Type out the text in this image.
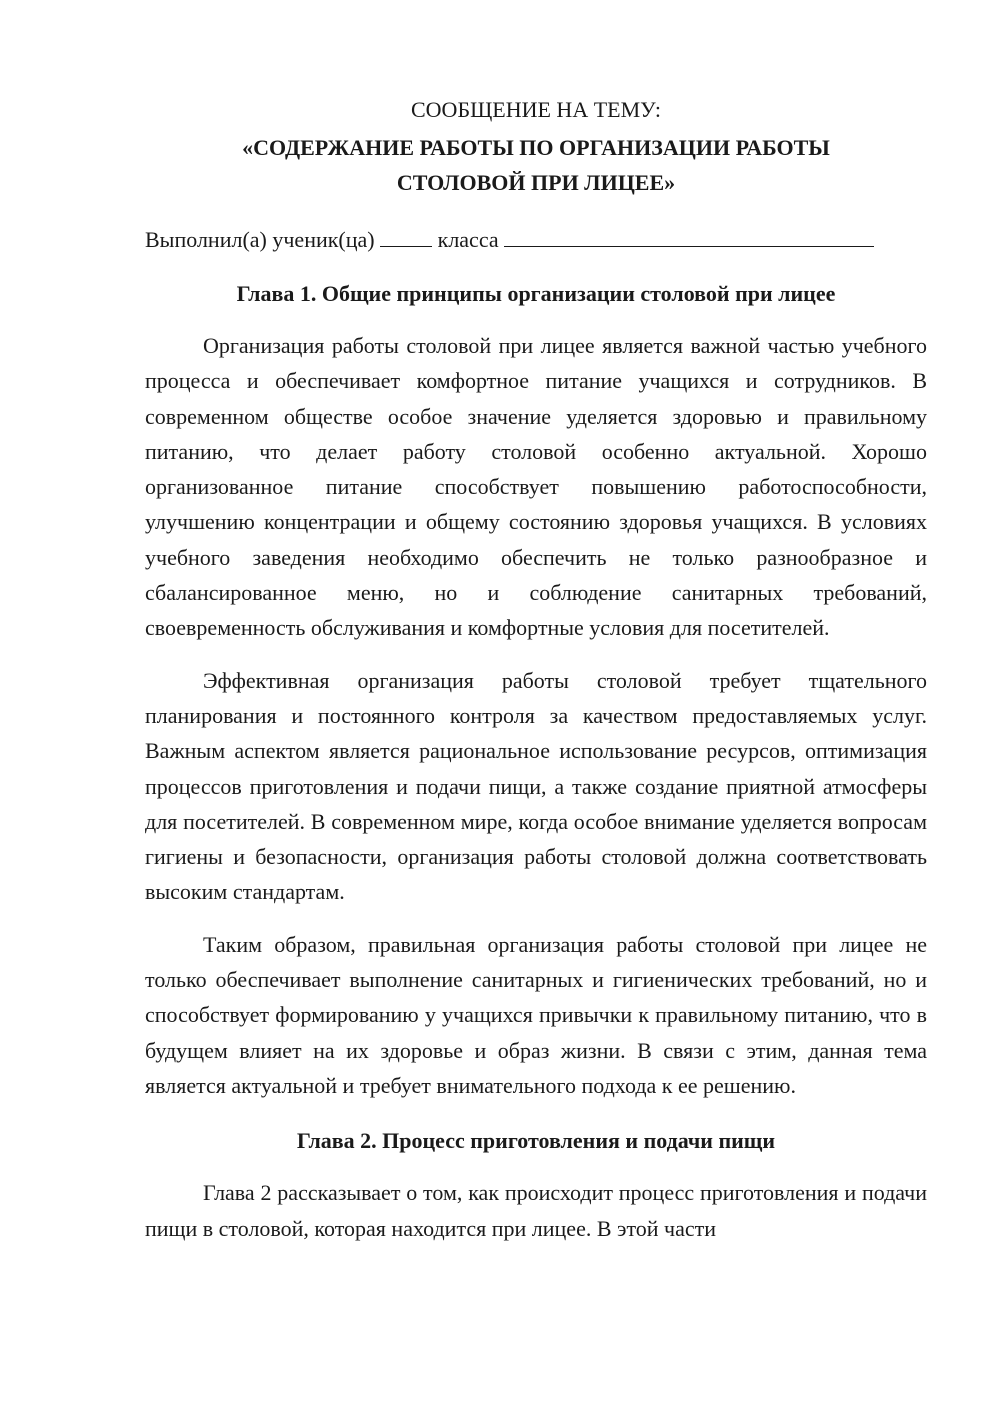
СООБЩЕНИЕ НА ТЕМУ:

«СОДЕРЖАНИЕ РАБОТЫ ПО ОРГАНИЗАЦИИ РАБОТЫ
СТОЛОВОЙ ПРИ ЛИЦЕЕ»

Выполнил(а) ученик(ца)	класса

Глава 1. Общие принципы организации столовой при лицее

Организация работы столовой при лицее является важной частью учебного процесса и обеспечивает комфортное питание учащихся и сотрудников. В современном обществе особое значение уделяется здоровью и правильному питанию, что делает работу столовой особенно актуальной. Хорошо организованное питание способствует повышению работоспособности, улучшению концентрации и общему состоянию здоровья учащихся. В условиях учебного заведения необходимо обеспечить не только разнообразное и сбалансированное меню, но и соблюдение санитарных требований, своевременность обслуживания и комфортные условия для посетителей.

Эффективная организация работы столовой требует тщательного планирования и постоянного контроля за качеством предоставляемых услуг. Важным аспектом является рациональное использование ресурсов, оптимизация процессов приготовления и подачи пищи, а также создание приятной атмосферы для посетителей. В современном мире, когда особое внимание уделяется вопросам гигиены и безопасности, организация работы столовой должна соответствовать высоким стандартам.

Таким образом, правильная организация работы столовой при лицее не только обеспечивает выполнение санитарных и гигиенических требований, но и способствует формированию у учащихся привычки к правильному питанию, что в будущем влияет на их здоровье и образ жизни. В связи с этим, данная тема является актуальной и требует внимательного подхода к ее решению.

Глава 2. Процесс приготовления и подачи пищи

Глава 2 рассказывает о том, как происходит процесс приготовления и подачи пищи в столовой, которая находится при лицее. В этой части
